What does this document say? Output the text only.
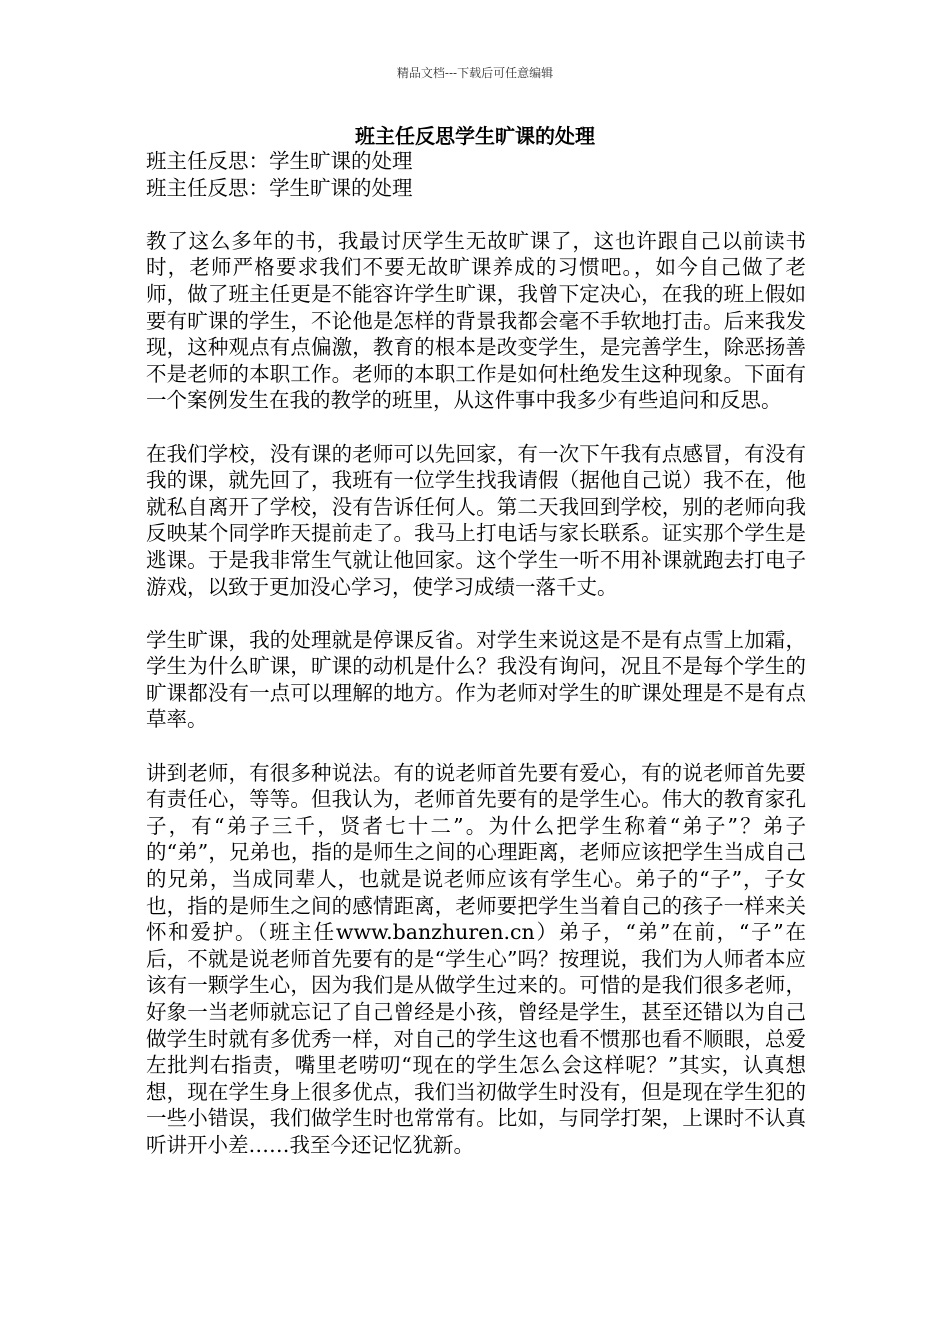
精品文档---下载后可任意编辑
班主任反思学生旷课的处理

班主任反思：学生旷课的处理

班主任反思：学生旷课的处理

教了这么多年的书，我最讨厌学生无故旷课了，这也许跟自己以前读书时，老师严格要求我们不要无故旷课养成的习惯吧。，如今自己做了老师，做了班主任更是不能容许学生旷课，我曾下定决心，在我的班上假如要有旷课的学生，不论他是怎样的背景我都会毫不手软地打击。后来我发现，这种观点有点偏激，教育的根本是改变学生，是完善学生，除恶扬善不是老师的本职工作。老师的本职工作是如何杜绝发生这种现象。下面有一个案例发生在我的教学的班里，从这件事中我多少有些追问和反思。

在我们学校，没有课的老师可以先回家，有一次下午我有点感冒，有没有我的课，就先回了，我班有一位学生找我请假（据他自己说）我不在，他就私自离开了学校，没有告诉任何人。第二天我回到学校，别的老师向我反映某个同学昨天提前走了。我马上打电话与家长联系。证实那个学生是逃课。于是我非常生气就让他回家。这个学生一听不用补课就跑去打电子游戏，以致于更加没心学习，使学习成绩一落千丈。

学生旷课，我的处理就是停课反省。对学生来说这是不是有点雪上加霜，学生为什么旷课，旷课的动机是什么？我没有询问，况且不是每个学生的旷课都没有一点可以理解的地方。作为老师对学生的旷课处理是不是有点草率。

讲到老师，有很多种说法。有的说老师首先要有爱心，有的说老师首先要有责任心，等等。但我认为，老师首先要有的是学生心。伟大的教育家孔子，有“弟子三千，贤者七十二”。为什么把学生称着“弟子”？弟子的“弟”，兄弟也，指的是师生之间的心理距离，老师应该把学生当成自己的兄弟，当成同辈人，也就是说老师应该有学生心。弟子的“子”，子女也，指的是师生之间的感情距离，老师要把学生当着自己的孩子一样来关怀和爱护。（班主任www.banzhuren.cn）弟子，“弟”在前，“子”在后，不就是说老师首先要有的是“学生心”吗？按理说，我们为人师者本应该有一颗学生心，因为我们是从做学生过来的。可惜的是我们很多老师，好象一当老师就忘记了自己曾经是小孩，曾经是学生，甚至还错以为自己做学生时就有多优秀一样，对自己的学生这也看不惯那也看不顺眼，总爱左批判右指责，嘴里老唠叨“现在的学生怎么会这样呢？”其实，认真想想，现在学生身上很多优点，我们当初做学生时没有，但是现在学生犯的一些小错误，我们做学生时也常常有。比如，与同学打架，上课时不认真听讲开小差……我至今还记忆犹新。
